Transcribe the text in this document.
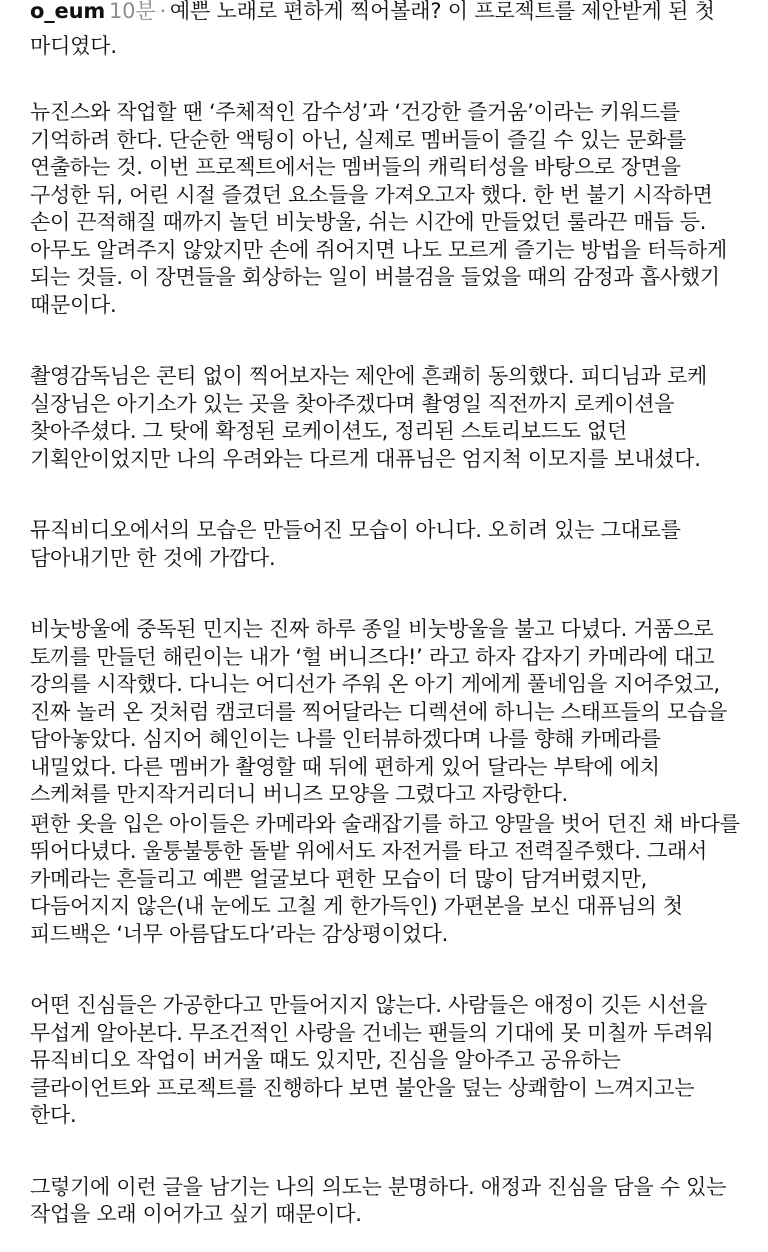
o_eum 10분 · 예쁜 노래로 편하게 찍어볼래? 이 프로젝트를 제안받게 된 첫 마디였다.

뉴진스와 작업할 땐 ‘주체적인 감수성’과 ‘건강한 즐거움’이라는 키워드를 기억하려 한다. 단순한 액팅이 아닌, 실제로 멤버들이 즐길 수 있는 문화를 연출하는 것. 이번 프로젝트에서는 멤버들의 캐릭터성을 바탕으로 장면을 구성한 뒤, 어린 시절 즐겼던 요소들을 가져오고자 했다. 한 번 불기 시작하면 손이 끈적해질 때까지 놀던 비눗방울, 쉬는 시간에 만들었던 룰라끈 매듭 등. 아무도 알려주지 않았지만 손에 쥐어지면 나도 모르게 즐기는 방법을 터득하게 되는 것들. 이 장면들을 회상하는 일이 버블검을 들었을 때의 감정과 흡사했기 때문이다.

촬영감독님은 콘티 없이 찍어보자는 제안에 흔쾌히 동의했다. 피디님과 로케 실장님은 아기소가 있는 곳을 찾아주겠다며 촬영일 직전까지 로케이션을 찾아주셨다. 그 탓에 확정된 로케이션도, 정리된 스토리보드도 없던 기획안이었지만 나의 우려와는 다르게 대퓨님은 엄지척 이모지를 보내셨다.

뮤직비디오에서의 모습은 만들어진 모습이 아니다. 오히려 있는 그대로를 담아내기만 한 것에 가깝다.

비눗방울에 중독된 민지는 진짜 하루 종일 비눗방울을 불고 다녔다. 거품으로 토끼를 만들던 해린이는 내가 ‘헐 버니즈다!’ 라고 하자 갑자기 카메라에 대고 강의를 시작했다. 다니는 어디선가 주워 온 아기 게에게 풀네임을 지어주었고, 진짜 놀러 온 것처럼 캠코더를 찍어달라는 디렉션에 하니는 스태프들의 모습을 담아놓았다. 심지어 혜인이는 나를 인터뷰하겠다며 나를 향해 카메라를 내밀었다. 다른 멤버가 촬영할 때 뒤에 편하게 있어 달라는 부탁에 에치 스케쳐를 만지작거리더니 버니즈 모양을 그렸다고 자랑한다.

편한 옷을 입은 아이들은 카메라와 술래잡기를 하고 양말을 벗어 던진 채 바다를 뛰어다녔다. 울퉁불퉁한 돌밭 위에서도 자전거를 타고 전력질주했다. 그래서 카메라는 흔들리고 예쁜 얼굴보다 편한 모습이 더 많이 담겨버렸지만, 다듬어지지 않은(내 눈에도 고칠 게 한가득인) 가편본을 보신 대퓨님의 첫 피드백은 ‘너무 아름답도다’라는 감상평이었다.

어떤 진심들은 가공한다고 만들어지지 않는다. 사람들은 애정이 깃든 시선을 무섭게 알아본다. 무조건적인 사랑을 건네는 팬들의 기대에 못 미칠까 두려워 뮤직비디오 작업이 버거울 때도 있지만, 진심을 알아주고 공유하는 클라이언트와 프로젝트를 진행하다 보면 불안을 덮는 상쾌함이 느껴지고는 한다.

그렇기에 이런 글을 남기는 나의 의도는 분명하다. 애정과 진심을 담을 수 있는 작업을 오래 이어가고 싶기 때문이다.
